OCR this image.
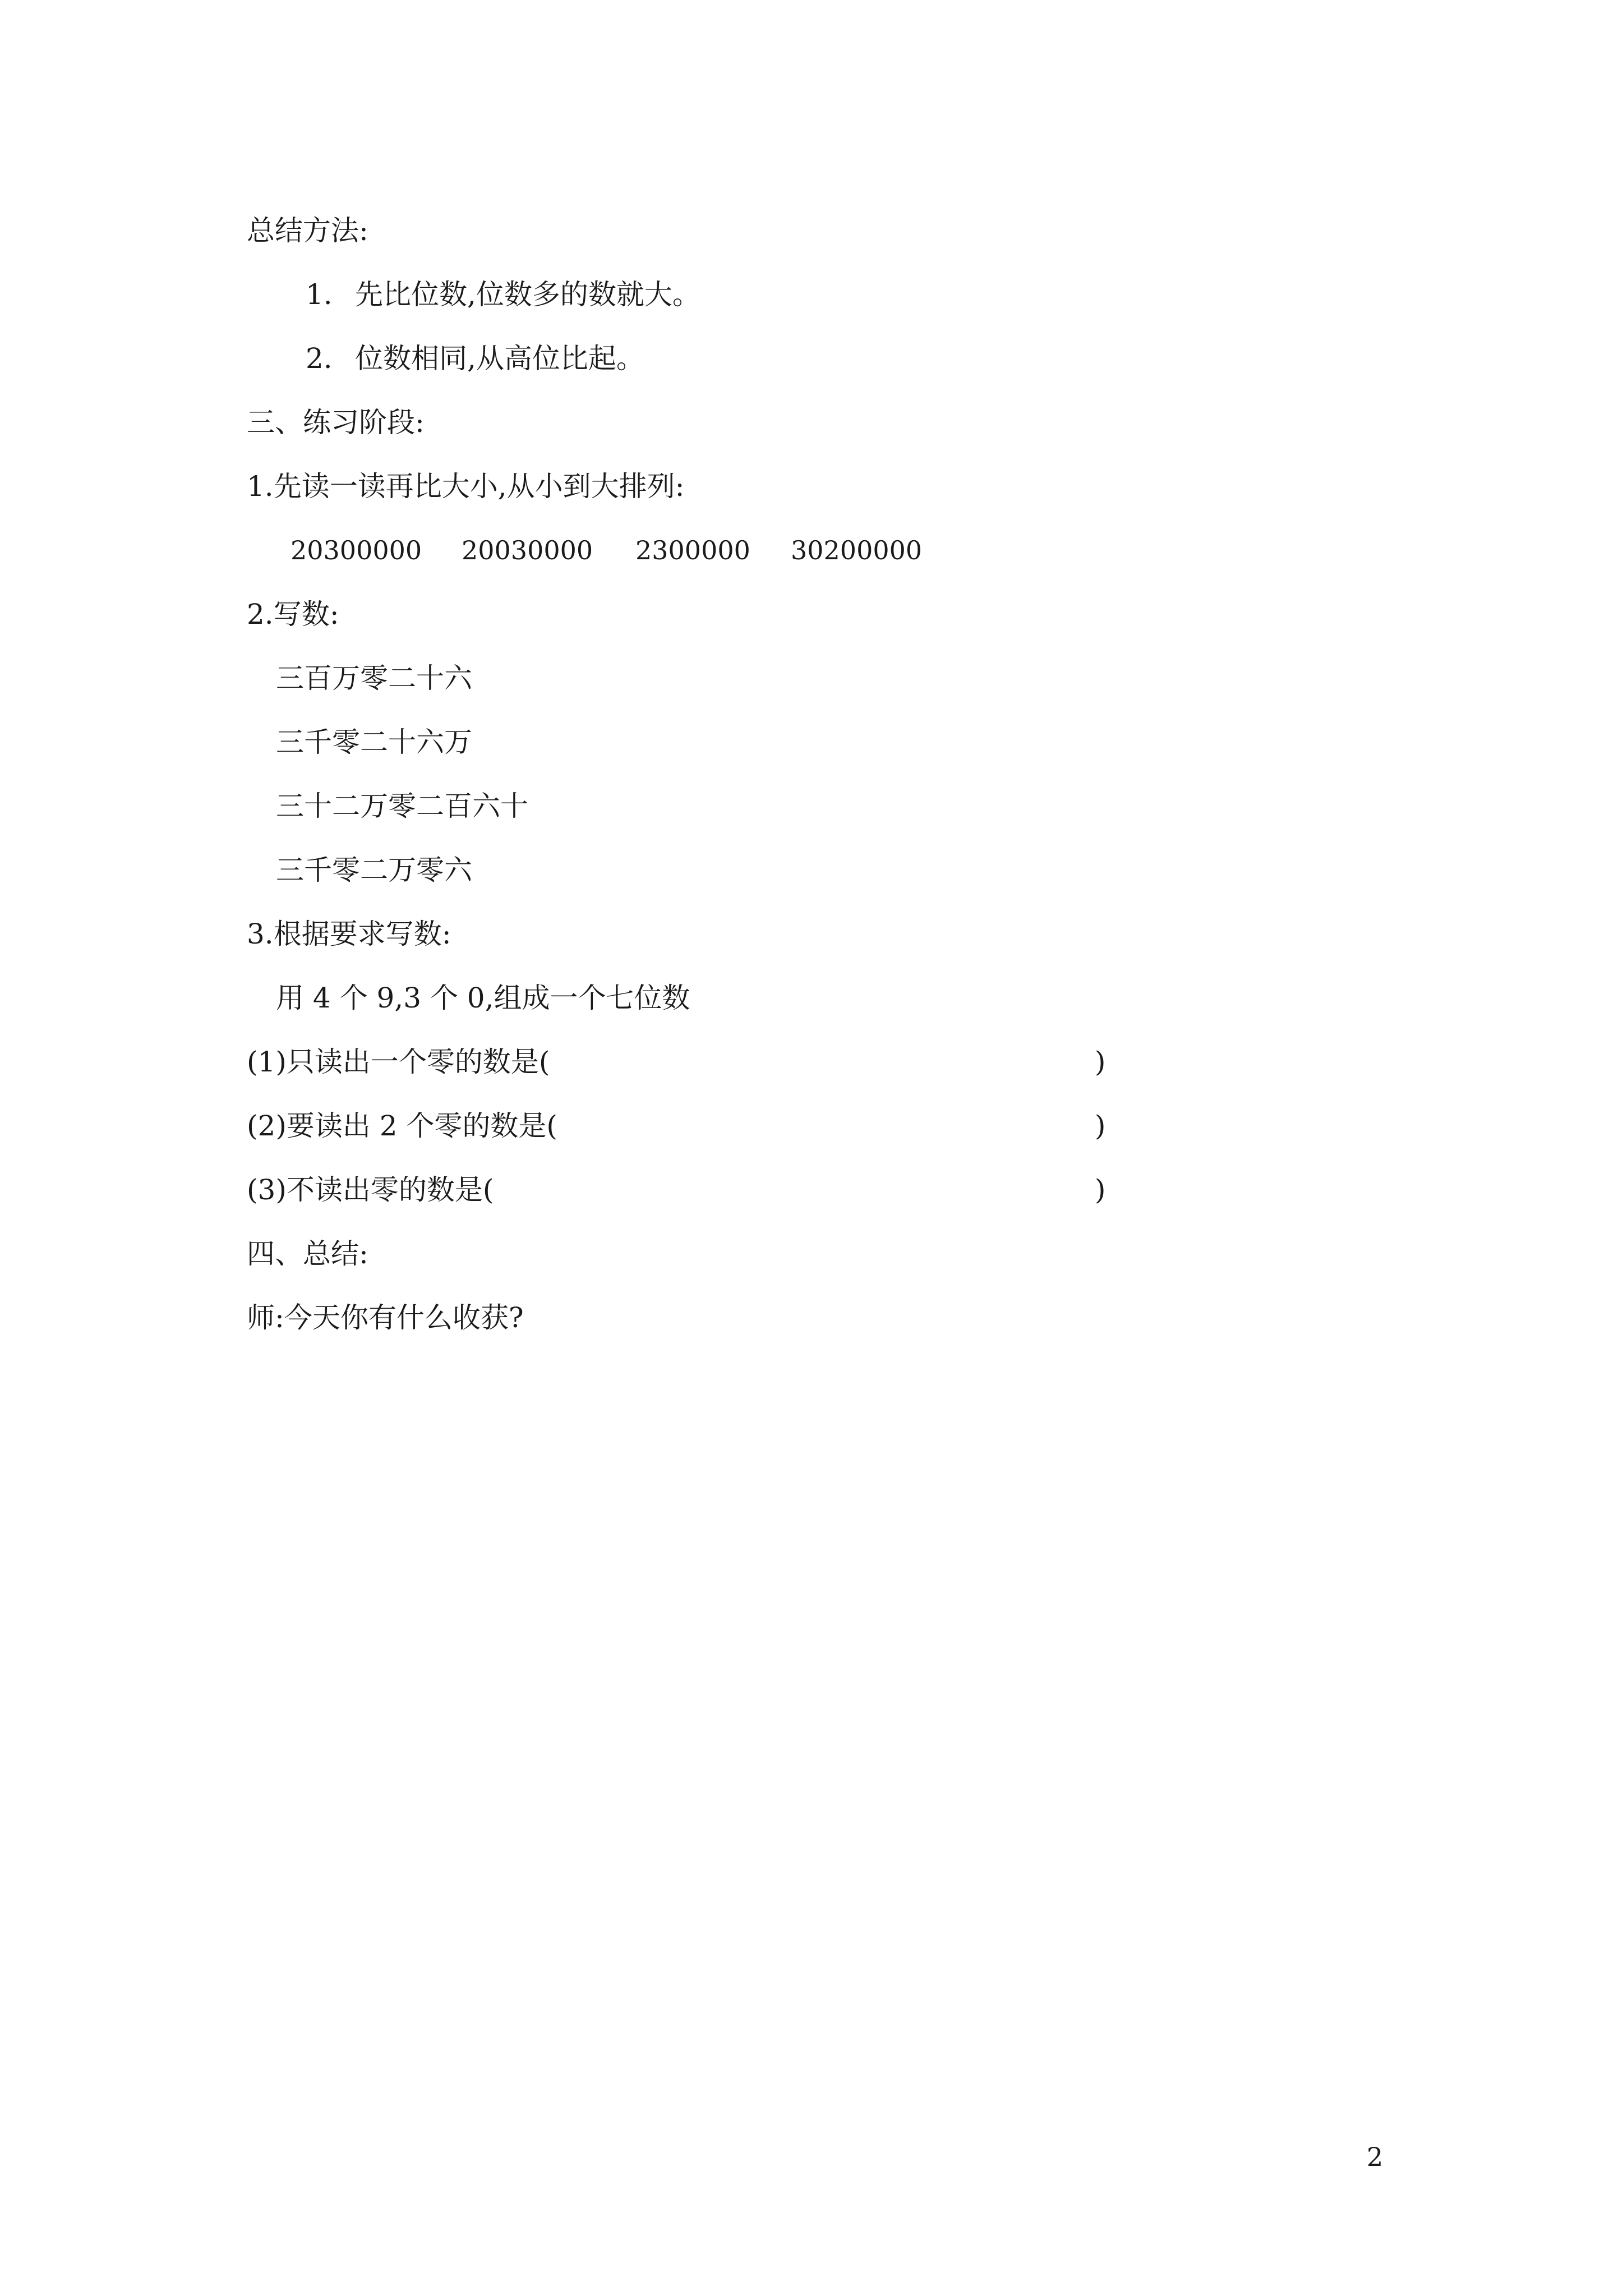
总结方法:

1. 先比位数,位数多的数就大。
2. 位数相同,从高位比起。

三、练习阶段:

1.先读一读再比大小,从小到大排列:

20300000 20030000 2300000 30200000

2.写数:

三百万零二十六

三千零二十六万

三十二万零二百六十

三千零二万零六

3.根据要求写数:

用 4 个 9,3 个 0,组成一个七位数

(1)只读出一个零的数是(	)
(2)要读出 2 个零的数是(	)
(3)不读出零的数是(	)

四、总结:

师:今天你有什么收获?

2
